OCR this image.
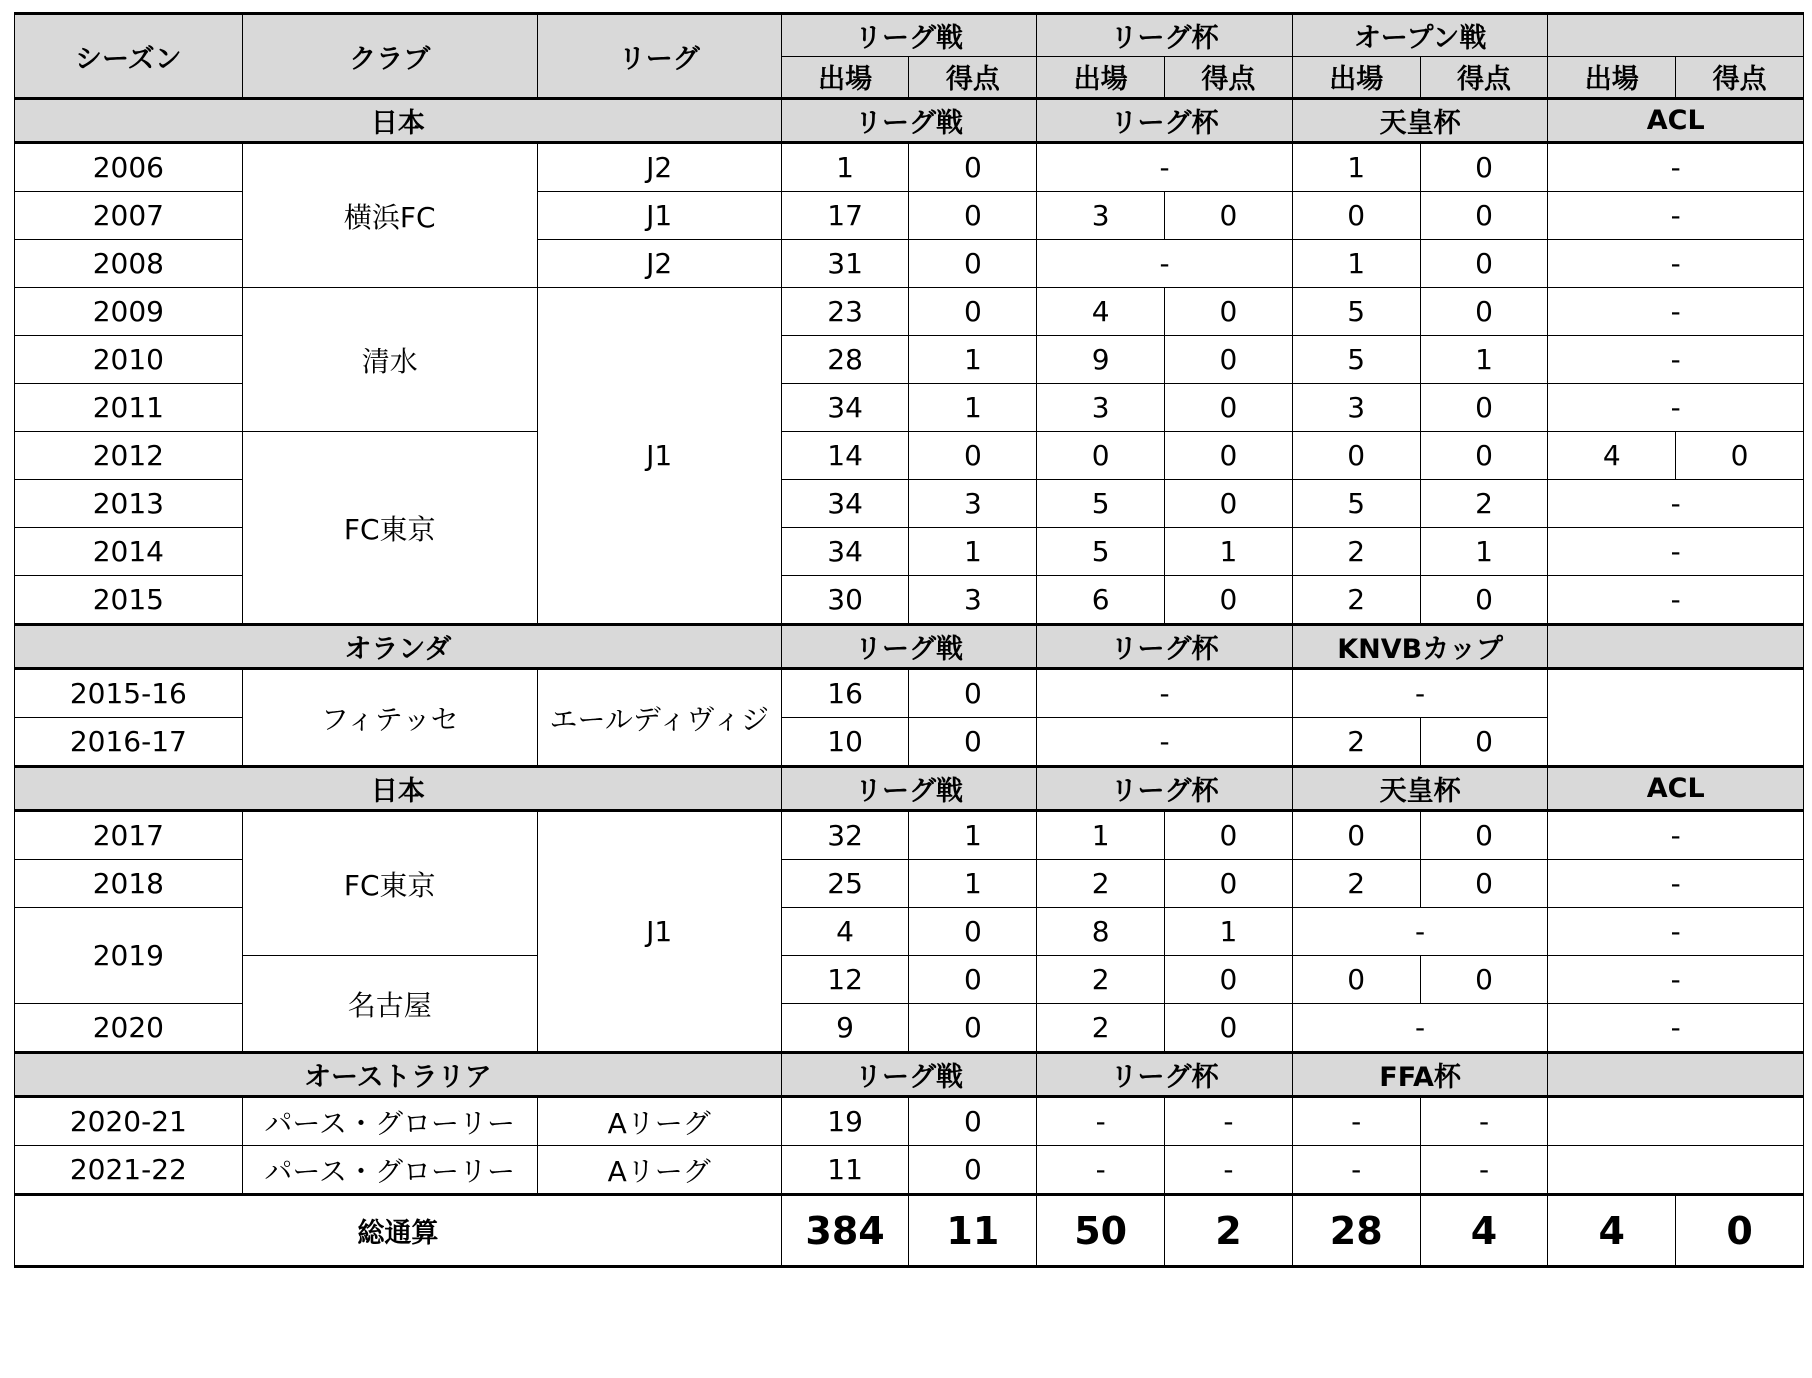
シーズン	クラブ	リーグ	リーグ戦		リーグ杯		オープン戦			
			出場	得点	出場	得点	出場	得点	出場	得点
日本			リーグ戦		リーグ杯		天皇杯		ACL	
2006	横浜FC	J2	1	0	-		1	0	-	
2007		J1	17	0	3	0	0	0	-	
2008		J2	31	0	-		1	0	-	
2009	清水	J1	23	0	4	0	5	0	-	
2010			28	1	9	0	5	1	-	
2011			34	1	3	0	3	0	-	
2012	FC東京		14	0	0	0	0	0	4	0
2013			34	3	5	0	5	2	-	
2014			34	1	5	1	2	1	-	
2015			30	3	6	0	2	0	-	
オランダ			リーグ戦		リーグ杯		KNVBカップ			
2015-16	フィテッセ	エールディヴィジ	16	0	-		-			
2016-17			10	0	-		2	0		
日本			リーグ戦		リーグ杯		天皇杯		ACL	
2017	FC東京	J1	32	1	1	0	0	0	-	
2018			25	1	2	0	2	0	-	
2019			4	0	8	1	-		-	
	名古屋		12	0	2	0	0	0	-	
2020			9	0	2	0	-		-	
オーストラリア			リーグ戦		リーグ杯		FFA杯			
2020-21	パース・グローリー	Aリーグ	19	0	-	-	-	-		
2021-22	パース・グローリー	Aリーグ	11	0	-	-	-	-		
総通算			384	11	50	2	28	4	4	0
